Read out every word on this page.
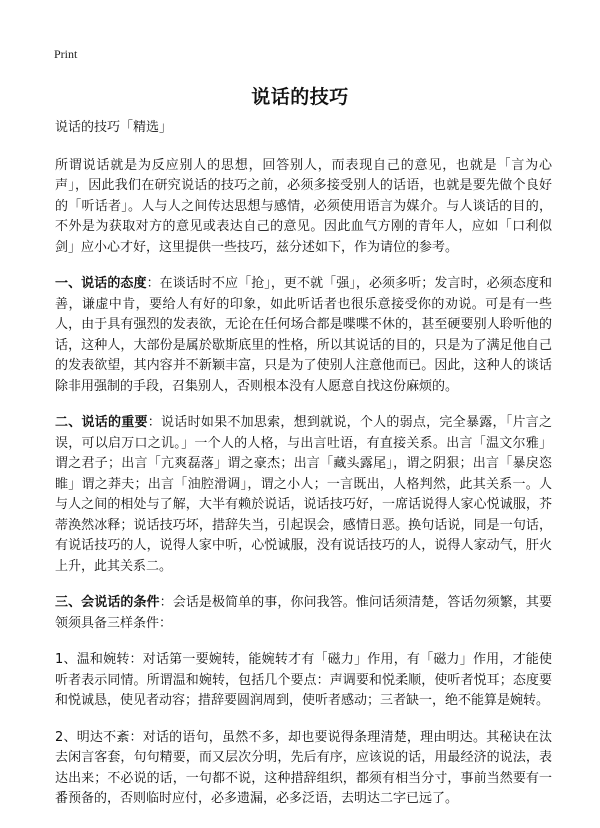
Print
说话的技巧

说话的技巧「精选」

所谓说话就是为反应别人的思想，回答别人，而表现自己的意见，也就是「言为心声」，因此我们在研究说话的技巧之前，必须多接受别人的话语，也就是要先做个良好的「听话者」。人与人之间传达思想与感情，必须使用语言为媒介。与人谈话的目的，不外是为获取对方的意见或表达自己的意见。因此血气方刚的青年人，应如「口利似剑」应小心才好，这里提供一些技巧，兹分述如下，作为请位的参考。

一、说话的态度：在谈话时不应「抢」，更不就「强」，必须多听；发言时，必须态度和善，谦虚中肯，要给人有好的印象，如此听话者也很乐意接受你的劝说。可是有一些人，由于具有强烈的发表欲，无论在任何场合都是喋喋不休的，甚至硬要别人聆听他的话，这种人，大部份是属於歇斯底里的性格，所以其说话的目的，只是为了满足他自己的发表欲望，其内容并不新颖丰富，只是为了使别人注意他而已。因此，这种人的谈话除非用强制的手段，召集别人，否则根本没有人愿意自找这份麻烦的。

二、说话的重要：说话时如果不加思索，想到就说，个人的弱点，完全暴露，「片言之误，可以启万口之讥。」一个人的人格，与出言吐语，有直接关系。出言「温文尔雅」谓之君子；出言「亢爽磊落」谓之豪杰；出言「藏头露尾」，谓之阴狠；出言「暴戾恣睢」谓之莽夫；出言「油腔滑调」，谓之小人；一言既出，人格判然，此其关系一。人与人之间的相处与了解，大半有赖於说话，说话技巧好，一席话说得人家心悦诚服，芥蒂涣然冰释；说话技巧坏，措辞失当，引起误会，感情日恶。换句话说，同是一句话，有说话技巧的人，说得人家中听，心悦诚服，没有说话技巧的人，说得人家动气，肝火上升，此其关系二。

三、会说话的条件：会话是极简单的事，你问我答。惟问话须清楚，答话勿须繁，其要领须具备三样条件：

1、温和婉转：对话第一要婉转，能婉转才有「磁力」作用，有「磁力」作用，才能使听者表示同情。所谓温和婉转，包括几个要点：声调要和悦柔顺，使听者悦耳；态度要和悦诚恳，使见者动容；措辞要圆润周到，使听者感动；三者缺一，绝不能算是婉转。

2、明达不紊：对话的语句，虽然不多，却也要说得条理清楚，理由明达。其秘诀在汰去闲言客套，句句精要，而又层次分明，先后有序，应该说的话，用最经济的说法，表达出来；不必说的话，一句都不说，这种措辞组织，都须有相当分寸，事前当然要有一番预备的，否则临时应付，必多遗漏，必多泛语，去明达二字已远了。
